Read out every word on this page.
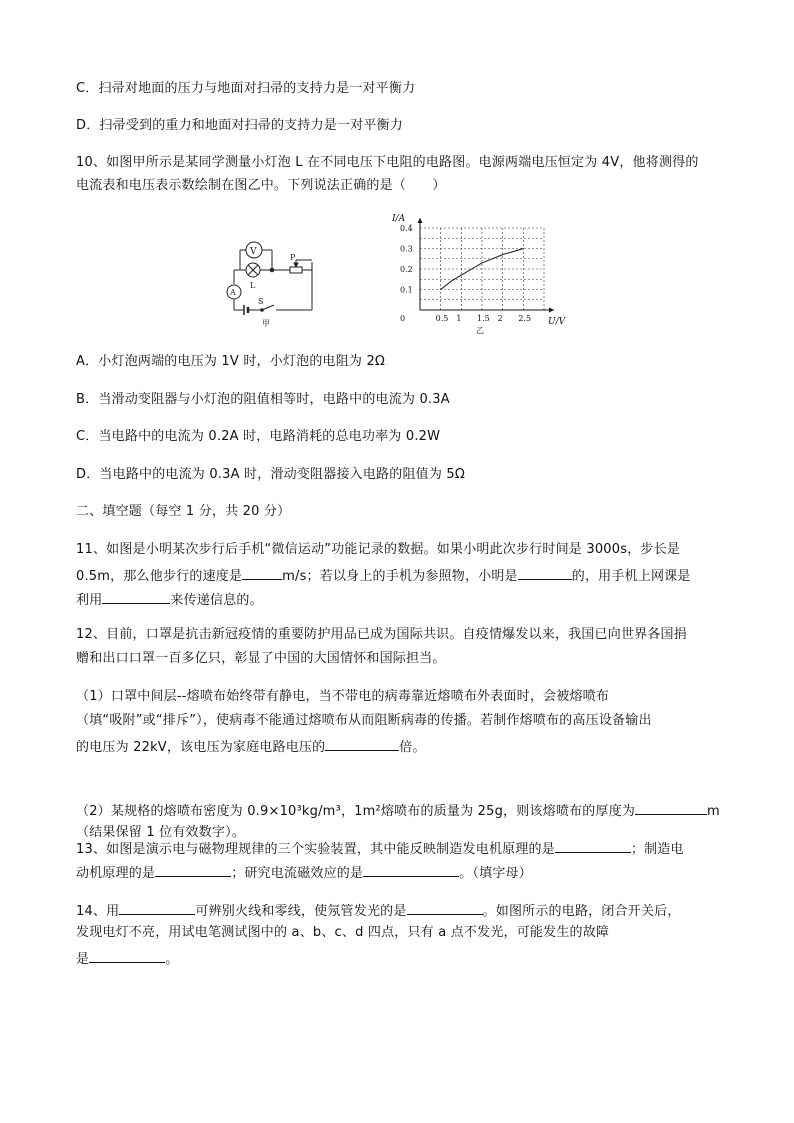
C．扫帚对地面的压力与地面对扫帚的支持力是一对平衡力
D．扫帚受到的重力和地面对扫帚的支持力是一对平衡力
10、如图甲所示是某同学测量小灯泡 L 在不同电压下电阻的电路图。电源两端电压恒定为 4V，他将测得的
电流表和电压表示数绘制在图乙中。下列说法正确的是（　　）
V
L
P
A
S
甲
0.5 1 1.5 2 2.5
0.1
0.2
0.3
0.4
I/A
U/V
0
乙
A．小灯泡两端的电压为 1V 时，小灯泡的电阻为 2Ω
B．当滑动变阻器与小灯泡的阻值相等时，电路中的电流为 0.3A
C．当电路中的电流为 0.2A 时，电路消耗的总电功率为 0.2W
D．当电路中的电流为 0.3A 时，滑动变阻器接入电路的阻值为 5Ω
二、填空题（每空 1 分，共 20 分）
11、如图是小明某次步行后手机“微信运动”功能记录的数据。如果小明此次步行时间是 3000s，步长是
0.5m，那么他步行的速度是	m/s；若以身上的手机为参照物，小明是	的，用手机上网课是
利用	来传递信息的。
12、目前，口罩是抗击新冠疫情的重要防护用品已成为国际共识。自疫情爆发以来，我国已向世界各国捐
赠和出口口罩一百多亿只，彰显了中国的大国情怀和国际担当。
（1）口罩中间层--熔喷布始终带有静电，当不带电的病毒靠近熔喷布外表面时，会被熔喷布
（填“吸附”或“排斥”），使病毒不能通过熔喷布从而阻断病毒的传播。若制作熔喷布的高压设备输出
的电压为 22kV，该电压为家庭电路电压的	倍。
（2）某规格的熔喷布密度为 0.9×10³kg/m³，1m²熔喷布的质量为 25g，则该熔喷布的厚度为	m
（结果保留 1 位有效数字）。
动机原理的是	；研究电流磁效应的是	。（填字母）
13、如图是演示电与磁物理规律的三个实验装置，其中能反映制造发电机原理的是	；制造电
14、用	可辨别火线和零线，使氖管发光的是	。如图所示的电路，闭合开关后，
发现电灯不亮，用试电笔测试图中的 a、b、c、d 四点，只有 a 点不发光，可能发生的故障
是	。
